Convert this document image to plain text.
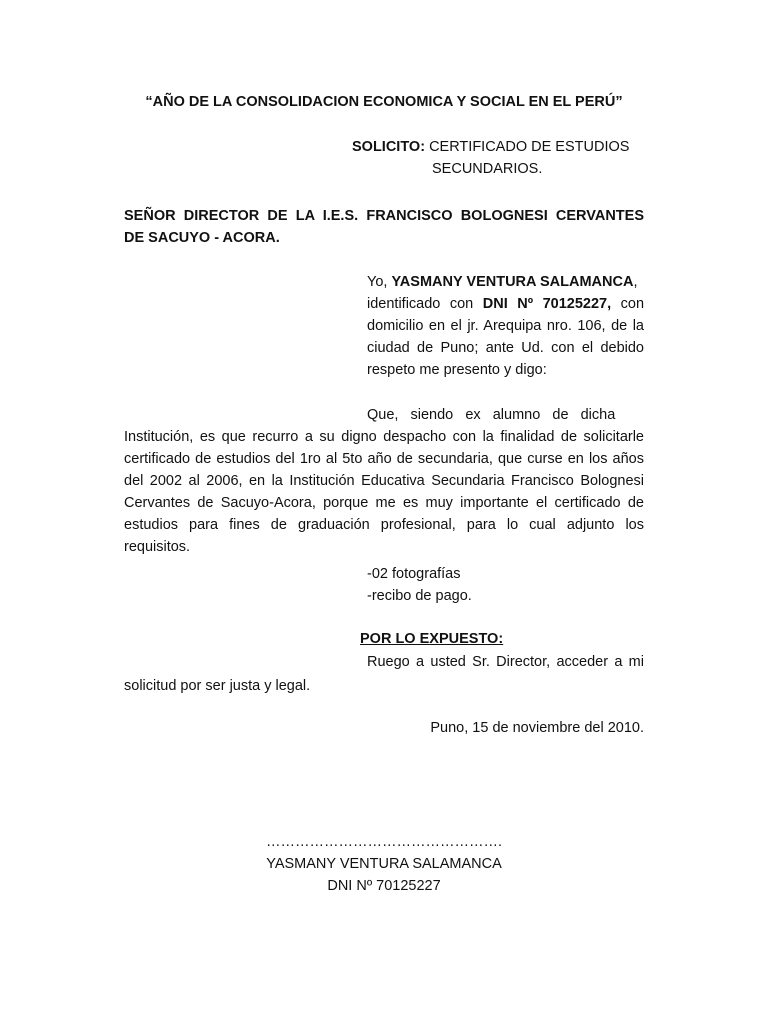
“AÑO DE LA CONSOLIDACION ECONOMICA Y SOCIAL EN EL PERÚ”
SOLICITO: CERTIFICADO DE ESTUDIOS
SECUNDARIOS.
SEÑOR DIRECTOR DE LA I.E.S. FRANCISCO BOLOGNESI CERVANTES
DE SACUYO - ACORA.
Yo, YASMANY VENTURA SALAMANCA,
identificado con DNI Nº 70125227, con
domicilio en el jr. Arequipa nro. 106, de la
ciudad de Puno; ante Ud. con el debido
respeto me presento y digo:
Que,   siendo   ex   alumno   de   dicha
Institución, es que recurro a su digno despacho con la finalidad de solicitarle
certificado de estudios del 1ro al 5to año de secundaria, que curse en los años
del 2002 al 2006, en la Institución Educativa Secundaria Francisco Bolognesi
Cervantes de Sacuyo-Acora, porque me es muy importante el certificado de
estudios para fines de graduación profesional, para lo cual adjunto los
requisitos.
-02 fotografías
-recibo de pago.
POR LO EXPUESTO:
Ruego a usted Sr. Director, acceder a mi
solicitud por ser justa y legal.
Puno, 15 de noviembre del 2010.
………………………………………….
YASMANY VENTURA SALAMANCA
DNI Nº 70125227
